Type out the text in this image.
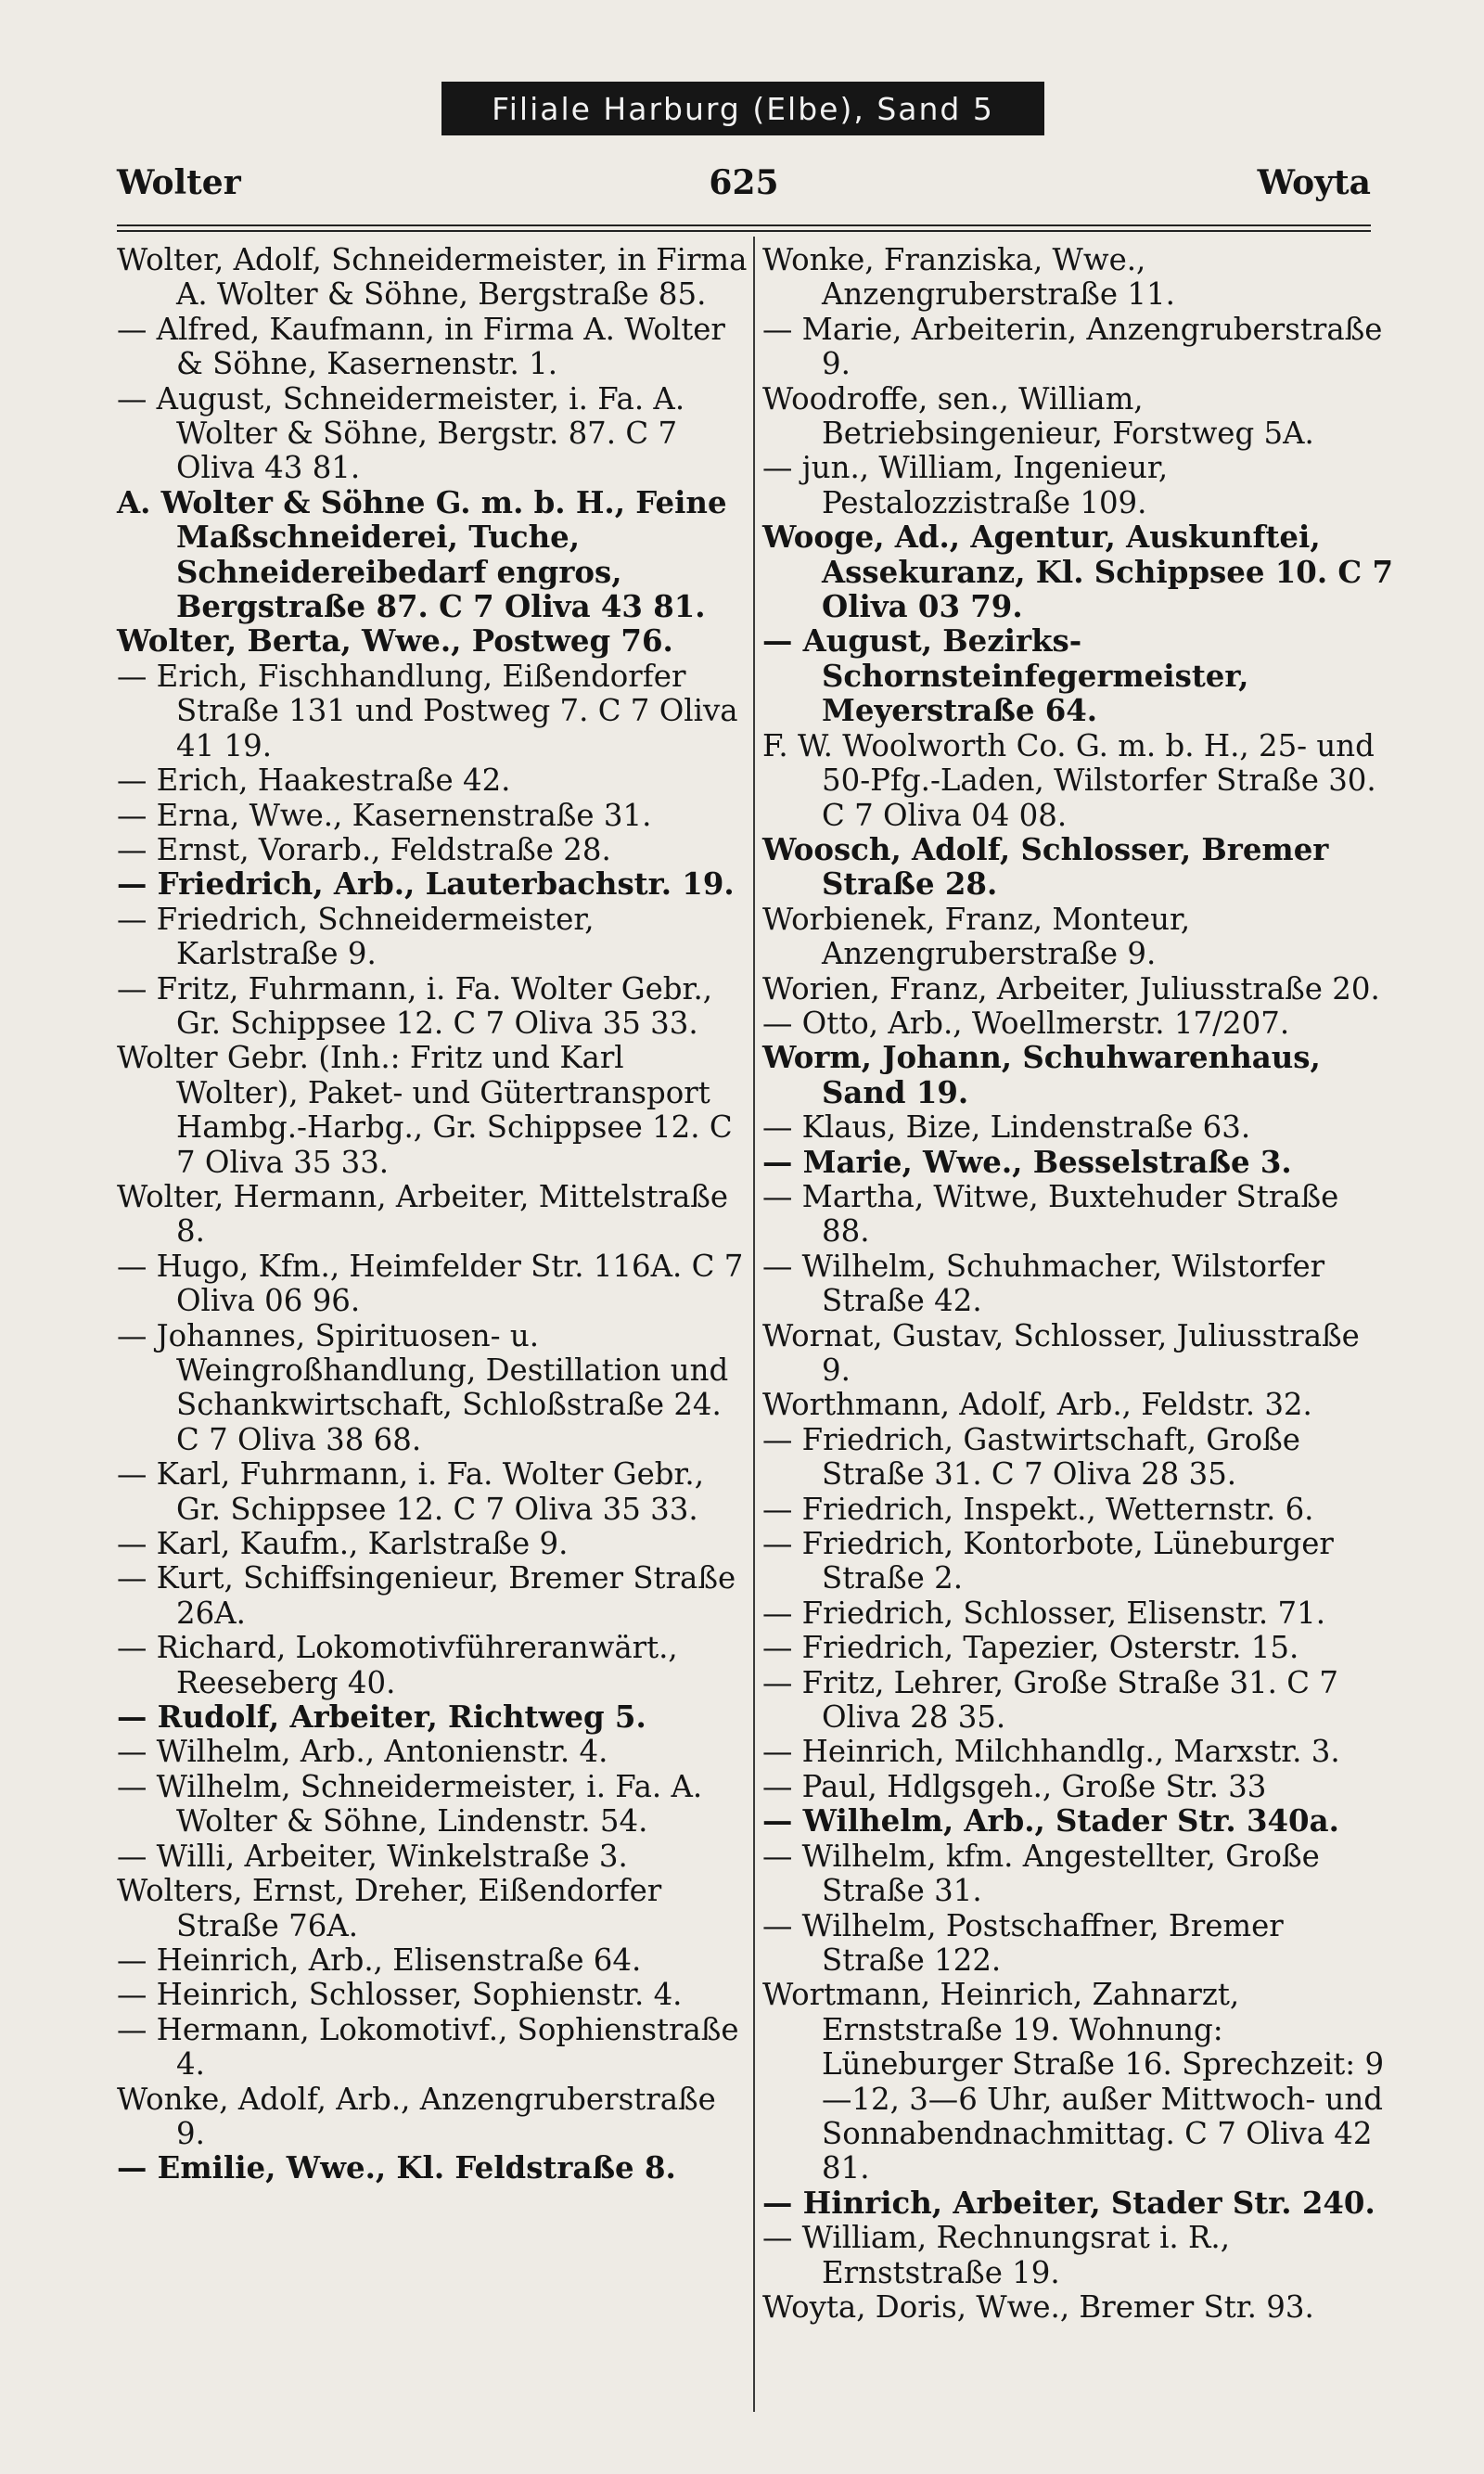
Filiale Harburg (Elbe), Sand 5
Wolter	625	Woyta

Wolter, Adolf, Schneidermeister, in Firma A. Wolter & Söhne, Bergstraße 85.

— Alfred, Kaufmann, in Firma A. Wolter & Söhne, Kasernenstr. 1.

— August, Schneidermeister, i. Fa. A. Wolter & Söhne, Bergstr. 87. C 7 Oliva 43 81.

A. Wolter & Söhne G. m. b. H., Feine Maßschneiderei, Tuche, Schneidereibedarf engros, Bergstraße 87. C 7 Oliva 43 81.

Wolter, Berta, Wwe., Postweg 76.

— Erich, Fischhandlung, Eißendorfer Straße 131 und Postweg 7. C 7 Oliva 41 19.

— Erich, Haakestraße 42.

— Erna, Wwe., Kasernenstraße 31.

— Ernst, Vorarb., Feldstraße 28.

— Friedrich, Arb., Lauterbachstr. 19.

— Friedrich, Schneidermeister, Karlstraße 9.

— Fritz, Fuhrmann, i. Fa. Wolter Gebr., Gr. Schippsee 12. C 7 Oliva 35 33.

Wolter Gebr. (Inh.: Fritz und Karl Wolter), Paket- und Gütertransport Hambg.-Harbg., Gr. Schippsee 12. C 7 Oliva 35 33.

Wolter, Hermann, Arbeiter, Mittelstraße 8.

— Hugo, Kfm., Heimfelder Str. 116A. C 7 Oliva 06 96.

— Johannes, Spirituosen- u. Weingroßhandlung, Destillation und Schankwirtschaft, Schloßstraße 24. C 7 Oliva 38 68.

— Karl, Fuhrmann, i. Fa. Wolter Gebr., Gr. Schippsee 12. C 7 Oliva 35 33.

— Karl, Kaufm., Karlstraße 9.

— Kurt, Schiffsingenieur, Bremer Straße 26A.

— Richard, Lokomotivführeranwärt., Reeseberg 40.

— Rudolf, Arbeiter, Richtweg 5.

— Wilhelm, Arb., Antonienstr. 4.

— Wilhelm, Schneidermeister, i. Fa. A. Wolter & Söhne, Lindenstr. 54.

— Willi, Arbeiter, Winkelstraße 3.

Wolters, Ernst, Dreher, Eißendorfer Straße 76A.

— Heinrich, Arb., Elisenstraße 64.

— Heinrich, Schlosser, Sophienstr. 4.

— Hermann, Lokomotivf., Sophienstraße 4.

Wonke, Adolf, Arb., Anzengruberstraße 9.

— Emilie, Wwe., Kl. Feldstraße 8.

Wonke, Franziska, Wwe., Anzengruberstraße 11.

— Marie, Arbeiterin, Anzengruberstraße 9.

Woodroffe, sen., William, Betriebsingenieur, Forstweg 5A.

— jun., William, Ingenieur, Pestalozzistraße 109.

Wooge, Ad., Agentur, Auskunftei, Assekuranz, Kl. Schippsee 10. C 7 Oliva 03 79.

— August, Bezirks-Schornsteinfegermeister, Meyerstraße 64.

F. W. Woolworth Co. G. m. b. H., 25- und 50-Pfg.-Laden, Wilstorfer Straße 30. C 7 Oliva 04 08.

Woosch, Adolf, Schlosser, Bremer Straße 28.

Worbienek, Franz, Monteur, Anzengruberstraße 9.

Worien, Franz, Arbeiter, Juliusstraße 20.

— Otto, Arb., Woellmerstr. 17/207.

Worm, Johann, Schuhwarenhaus, Sand 19.

— Klaus, Bize, Lindenstraße 63.

— Marie, Wwe., Besselstraße 3.

— Martha, Witwe, Buxtehuder Straße 88.

— Wilhelm, Schuhmacher, Wilstorfer Straße 42.

Wornat, Gustav, Schlosser, Juliusstraße 9.

Worthmann, Adolf, Arb., Feldstr. 32.

— Friedrich, Gastwirtschaft, Große Straße 31. C 7 Oliva 28 35.

— Friedrich, Inspekt., Wetternstr. 6.

— Friedrich, Kontorbote, Lüneburger Straße 2.

— Friedrich, Schlosser, Elisenstr. 71.

— Friedrich, Tapezier, Osterstr. 15.

— Fritz, Lehrer, Große Straße 31. C 7 Oliva 28 35.

— Heinrich, Milchhandlg., Marxstr. 3.

— Paul, Hdlgsgeh., Große Str. 33

— Wilhelm, Arb., Stader Str. 340a.

— Wilhelm, kfm. Angestellter, Große Straße 31.

— Wilhelm, Postschaffner, Bremer Straße 122.

Wortmann, Heinrich, Zahnarzt, Ernststraße 19. Wohnung: Lüneburger Straße 16. Sprechzeit: 9—12, 3—6 Uhr, außer Mittwoch- und Sonnabendnachmittag. C 7 Oliva 42 81.

— Hinrich, Arbeiter, Stader Str. 240.

— William, Rechnungsrat i. R., Ernststraße 19.

Woyta, Doris, Wwe., Bremer Str. 93.
